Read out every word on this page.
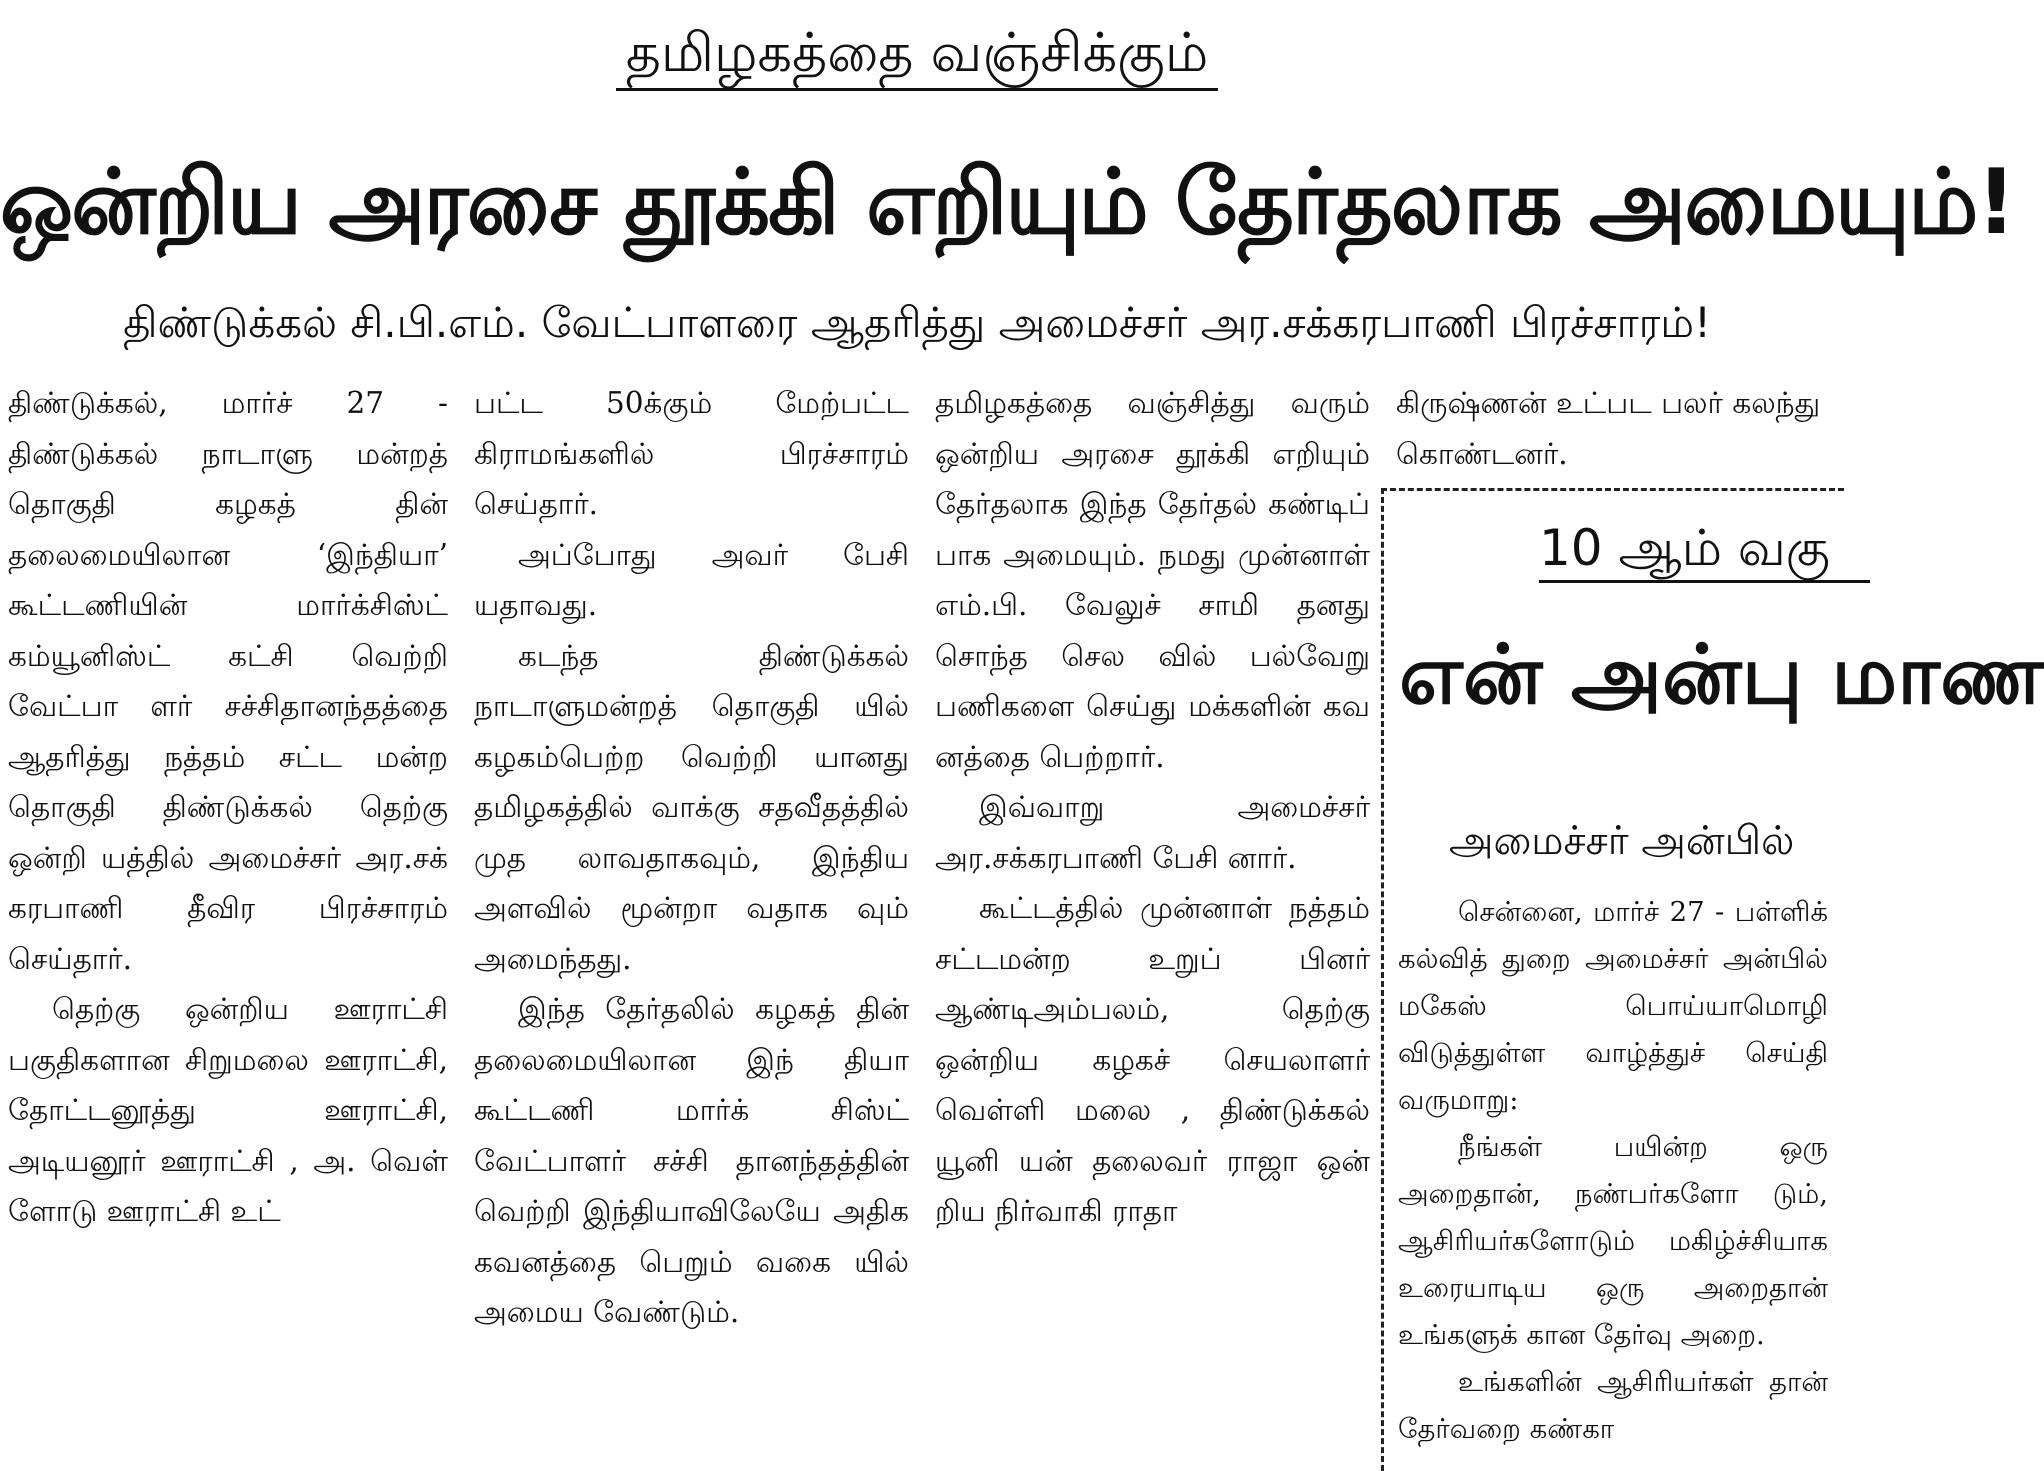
தமிழகத்தை வஞ்சிக்கும்
ஒன்றிய அரசை தூக்கி எறியும் தேர்தலாக அமையும்!
திண்டுக்கல் சி.பி.எம். வேட்பாளரை ஆதரித்து அமைச்சர் அர.சக்கரபாணி பிரச்சாரம்!

திண்டுக்கல், மார்ச் 27 - திண்டுக்கல் நாடாளு மன்றத் தொகுதி கழகத் தின் தலைமையிலான ‘இந்தியா’ கூட்டணியின் மார்க்சிஸ்ட் கம்யூனிஸ்ட் கட்சி வெற்றி வேட்பா ளர் சச்சிதானந்தத்தை ஆதரித்து நத்தம் சட்ட மன்ற தொகுதி திண்டுக்கல் தெற்கு ஒன்றி யத்தில் அமைச்சர் அர.சக் கரபாணி தீவிர பிரச்சாரம் செய்தார்.

தெற்கு ஒன்றிய ஊராட்சி பகுதிகளான சிறுமலை ஊராட்சி, தோட்டனூத்து ஊராட்சி, அடியனூர் ஊராட்சி , அ. வெள் ளோடு ஊராட்சி உட்

பட்ட 50க்கும் மேற்பட்ட கிராமங்களில் பிரச்சாரம் செய்தார்.

அப்போது அவர் பேசி யதாவது.

கடந்த திண்டுக்கல் நாடாளுமன்றத் தொகுதி யில் கழகம்பெற்ற வெற்றி யானது தமிழகத்தில் வாக்கு சதவீதத்தில் முத லாவதாகவும், இந்திய அளவில் மூன்றா வதாக வும் அமைந்தது.

இந்த தேர்தலில் கழகத் தின் தலைமையிலான இந் தியா கூட்டணி மார்க் சிஸ்ட் வேட்பாளர் சச்சி தானந்தத்தின் வெற்றி இந்தியாவிலேயே அதிக கவனத்தை பெறும் வகை யில் அமைய வேண்டும்.

தமிழகத்தை வஞ்சித்து வரும் ஒன்றிய அரசை தூக்கி எறியும் தேர்தலாக இந்த தேர்தல் கண்டிப் பாக அமையும். நமது முன்னாள் எம்.பி. வேலுச் சாமி தனது சொந்த செல வில் பல்வேறு பணிகளை செய்து மக்களின் கவ னத்தை பெற்றார்.

இவ்வாறு அமைச்சர் அர.சக்கரபாணி பேசி னார்.

கூட்டத்தில் முன்னாள் நத்தம் சட்டமன்ற உறுப் பினர் ஆண்டிஅம்பலம், தெற்கு ஒன்றிய கழகச் செயலாளர் வெள்ளி மலை , திண்டுக்கல் யூனி யன் தலைவர் ராஜா ஒன் றிய நிர்வாகி ராதா

கிருஷ்ணன் உட்பட பலர் கலந்து கொண்டனர்.

10 ஆம் வகு
என் அன்பு மாண
அமைச்சர் அன்பில்

சென்னை, மார்ச் 27 - பள்ளிக் கல்வித் துறை அமைச்சர் அன்பில் மகேஸ் பொய்யாமொழி விடுத்துள்ள வாழ்த்துச் செய்தி வருமாறு:

நீங்கள் பயின்ற ஒரு அறைதான், நண்பர்களோ டும், ஆசிரியர்களோடும் மகிழ்ச்சியாக உரையாடிய ஒரு அறைதான் உங்களுக் கான தேர்வு அறை.

உங்களின் ஆசிரியர்கள் தான் தேர்வறை கண்கா
